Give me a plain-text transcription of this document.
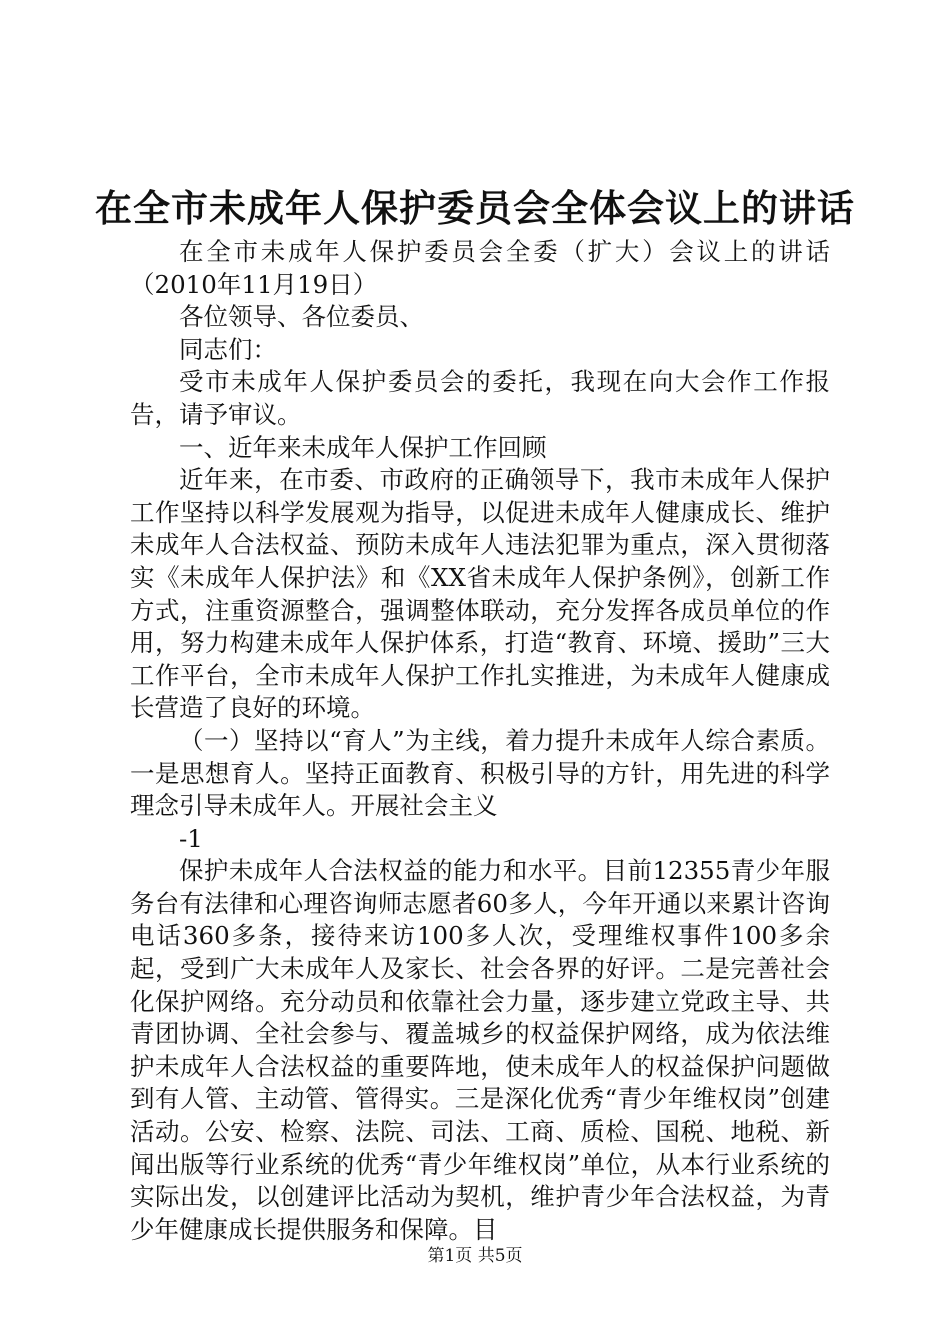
在全市未成年人保护委员会全体会议上的讲话

在全市未成年人保护委员会全委（扩大）会议上的讲话（2010年11月19日）

各位领导、各位委员、

同志们：

受市未成年人保护委员会的委托，我现在向大会作工作报告，请予审议。

一、近年来未成年人保护工作回顾

近年来，在市委、市政府的正确领导下，我市未成年人保护工作坚持以科学发展观为指导，以促进未成年人健康成长、维护未成年人合法权益、预防未成年人违法犯罪为重点，深入贯彻落实《未成年人保护法》和《XX省未成年人保护条例》，创新工作方式，注重资源整合，强调整体联动，充分发挥各成员单位的作用，努力构建未成年人保护体系，打造“教育、环境、援助”三大工作平台，全市未成年人保护工作扎实推进，为未成年人健康成长营造了良好的环境。

（一）坚持以“育人”为主线，着力提升未成年人综合素质。一是思想育人。坚持正面教育、积极引导的方针，用先进的科学理念引导未成年人。开展社会主义

-1

保护未成年人合法权益的能力和水平。目前12355青少年服务台有法律和心理咨询师志愿者60多人，今年开通以来累计咨询电话360多条，接待来访100多人次，受理维权事件100多余起，受到广大未成年人及家长、社会各界的好评。二是完善社会化保护网络。充分动员和依靠社会力量，逐步建立党政主导、共青团协调、全社会参与、覆盖城乡的权益保护网络，成为依法维护未成年人合法权益的重要阵地，使未成年人的权益保护问题做到有人管、主动管、管得实。三是深化优秀“青少年维权岗”创建活动。公安、检察、法院、司法、工商、质检、国税、地税、新闻出版等行业系统的优秀“青少年维权岗”单位，从本行业系统的实际出发，以创建评比活动为契机，维护青少年合法权益，为青少年健康成长提供服务和保障。目

第1页 共5页
